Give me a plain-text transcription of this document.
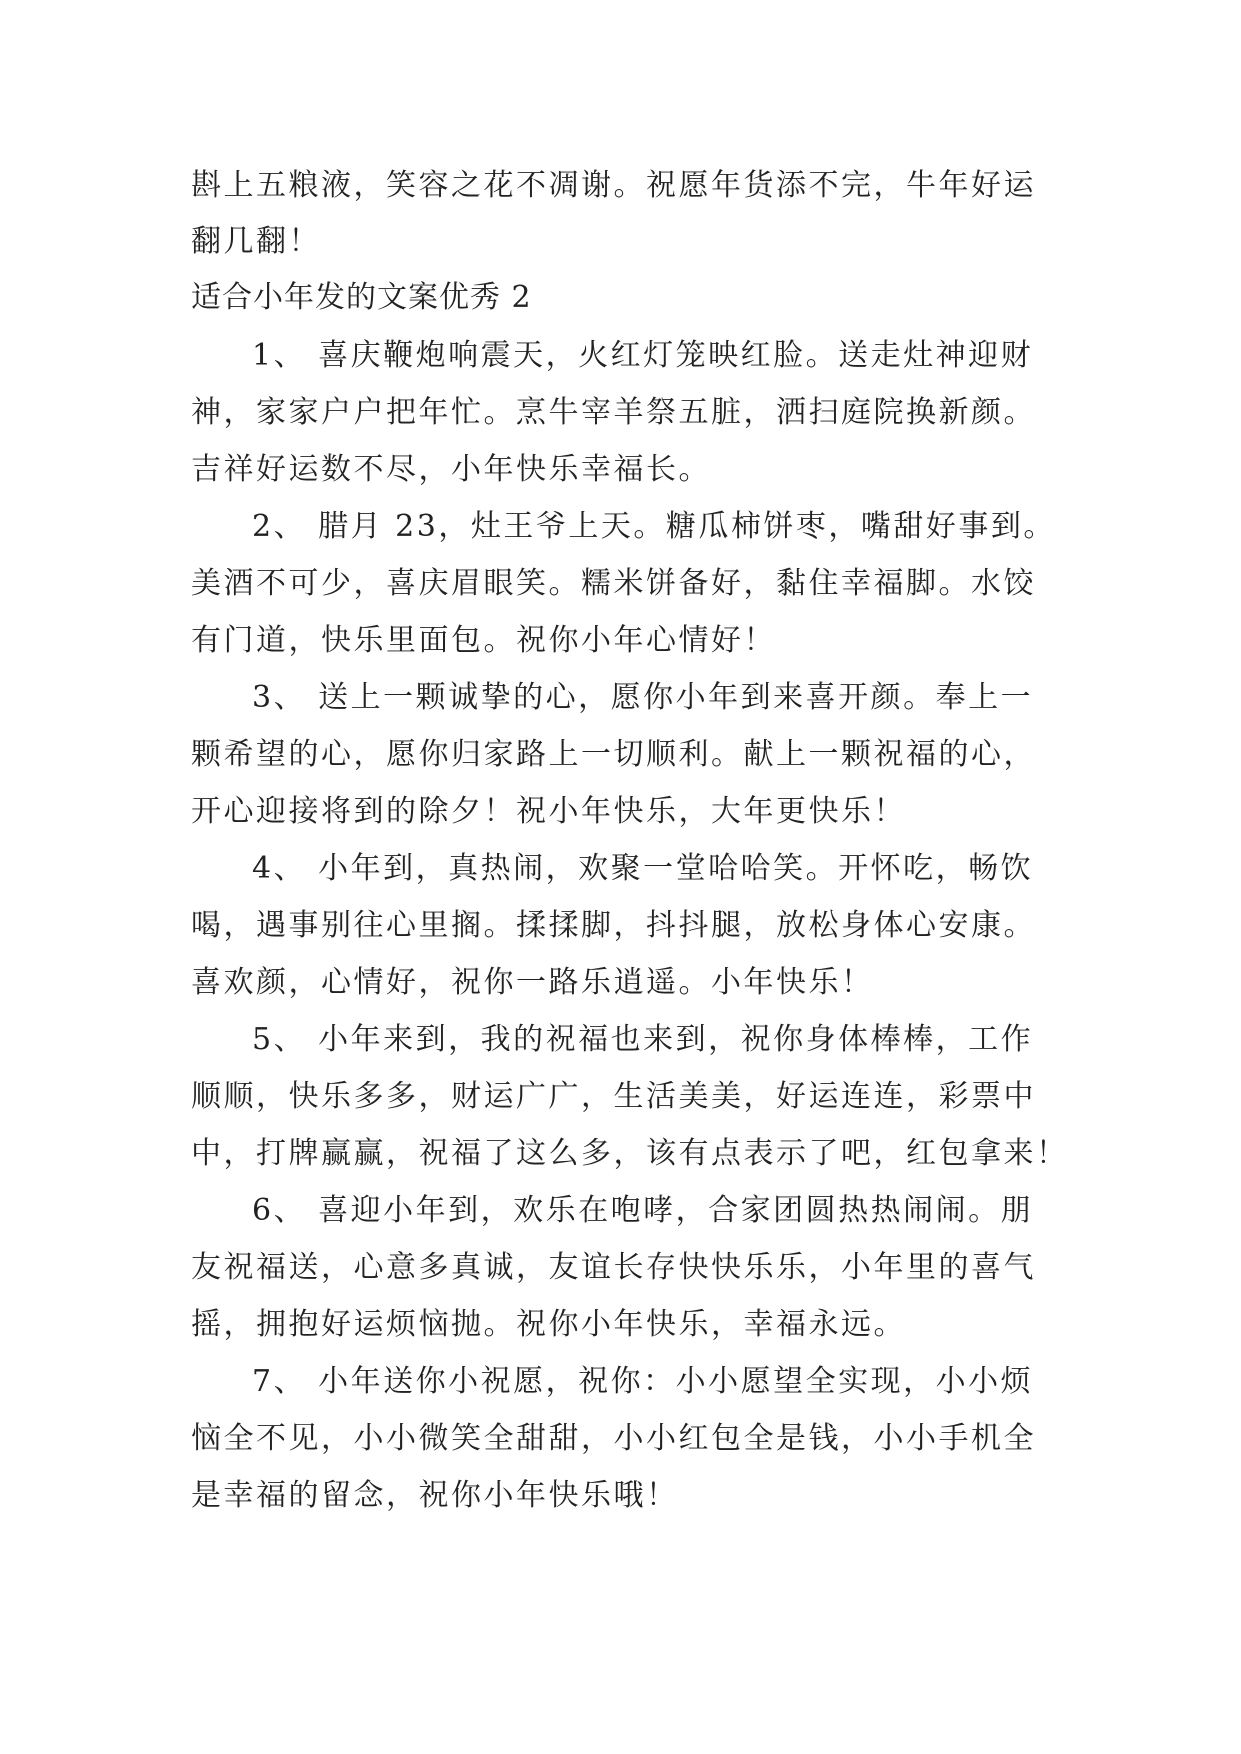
斟上五粮液，笑容之花不凋谢。祝愿年货添不完，牛年好运
翻几翻！
适合小年发的文案优秀 2
1、 喜庆鞭炮响震天，火红灯笼映红脸。送走灶神迎财
神，家家户户把年忙。烹牛宰羊祭五脏，洒扫庭院换新颜。
吉祥好运数不尽，小年快乐幸福长。
2、 腊月 23，灶王爷上天。糖瓜柿饼枣，嘴甜好事到。
美酒不可少，喜庆眉眼笑。糯米饼备好，黏住幸福脚。水饺
有门道，快乐里面包。祝你小年心情好！
3、 送上一颗诚挚的心，愿你小年到来喜开颜。奉上一
颗希望的心，愿你归家路上一切顺利。献上一颗祝福的心，
开心迎接将到的除夕！祝小年快乐，大年更快乐！
4、 小年到，真热闹，欢聚一堂哈哈笑。开怀吃，畅饮
喝，遇事别往心里搁。揉揉脚，抖抖腿，放松身体心安康。
喜欢颜，心情好，祝你一路乐逍遥。小年快乐！
5、 小年来到，我的祝福也来到，祝你身体棒棒，工作
顺顺，快乐多多，财运广广，生活美美，好运连连，彩票中
中，打牌赢赢，祝福了这么多，该有点表示了吧，红包拿来！
6、 喜迎小年到，欢乐在咆哮，合家团圆热热闹闹。朋
友祝福送，心意多真诚，友谊长存快快乐乐，小年里的喜气
摇，拥抱好运烦恼抛。祝你小年快乐，幸福永远。
7、 小年送你小祝愿，祝你：小小愿望全实现，小小烦
恼全不见，小小微笑全甜甜，小小红包全是钱，小小手机全
是幸福的留念，祝你小年快乐哦！
